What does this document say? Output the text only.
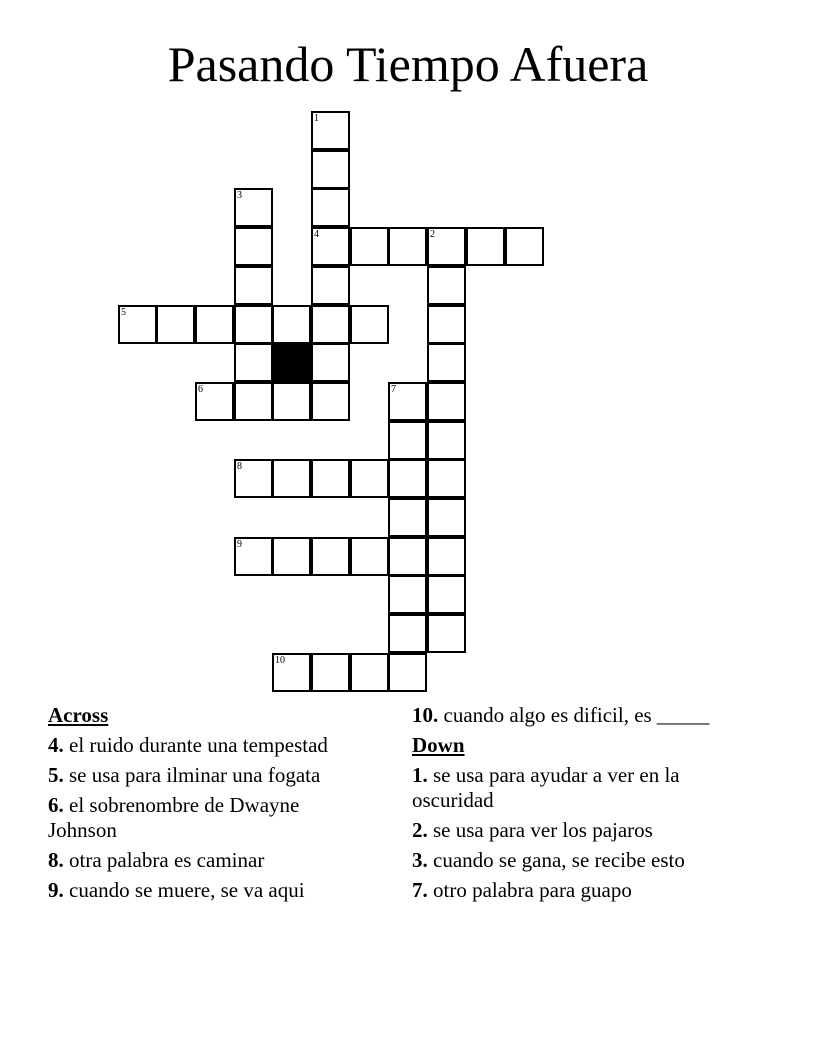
Pasando Tiempo Afuera
1
4	2
3
5
6	7
8
9
10
Across
4. el ruido durante una tempestad
5. se usa para ilminar una fogata
6. el sobrenombre de Dwayne Johnson
8. otra palabra es caminar
9. cuando se muere, se va aqui
10. cuando algo es dificil, es _____
Down
1. se usa para ayudar a ver en la oscuridad
2. se usa para ver los pajaros
3. cuando se gana, se recibe esto
7. otro palabra para guapo
